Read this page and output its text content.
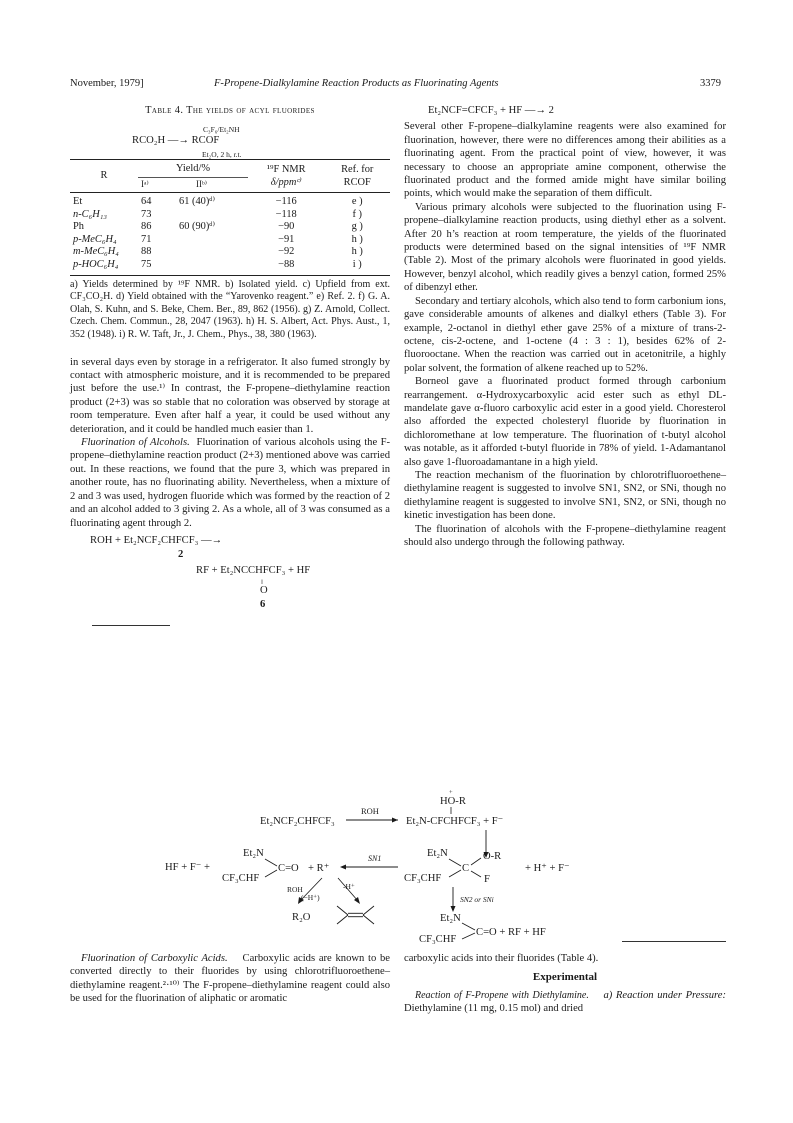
November, 1979]	F-Propene-Dialkylamine Reaction Products as Fluorinating Agents	3379
Table 4. The yields of acyl fluorides
C₃F₆/Et₂NH
RCO₂H —→ RCOF
Et₂O, 2 h, r.t.
R	Yield/%		¹⁹F NMR	Ref. for
	Iᵃ⁾	IIᵇ⁾	δ/ppmᶜ⁾	RCOF
Et	64	61 (40)ᵈ⁾	−116	e )
n-C₆H₁₃	73		−118	f )
Ph	86	60 (90)ᵈ⁾	−90	g )
p-MeC₆H₄	71		−91	h )
m-MeC₆H₄	88		−92	h )
p-HOC₆H₄	75		−88	i )

a) Yields determined by ¹⁹F NMR. b) Isolated yield. c) Upfield from ext. CF₃CO₂H. d) Yield obtained with the “Yarovenko reagent.” e) Ref. 2. f) G. A. Olah, S. Kuhn, and S. Beke, Chem. Ber., 89, 862 (1956). g) Z. Arnold, Collect. Czech. Chem. Commun., 28, 2047 (1963). h) H. S. Albert, Act. Phys. Aust., 1, 352 (1948). i) R. W. Taft, Jr., J. Chem., Phys., 38, 380 (1963).

in several days even by storage in a refrigerator. It also fumed strongly by contact with atmospheric moisture, and it is recommended to be prepared just before the use.¹⁾ In contrast, the F-propene–diethylamine reaction product (2+3) was so stable that no coloration was observed by storage at room temperature. Even after half a year, it could be used without any deterioration, and it could be handled much easier than 1.

Fluorination of Alcohols. Fluorination of various alcohols using the F-propene–diethylamine reaction product (2+3) mentioned above was carried out. In these reactions, we found that the pure 3, which was prepared in another route, has no fluorinating ability. Nevertheless, when a mixture of 2 and 3 was used, hydrogen fluoride which was formed by the reaction of 2 and an alcohol added to 3 giving 2. As a whole, all of 3 was consumed as a fluorinating agent through 2.

ROH + Et₂NCF₂CHFCF₃ —→
2
RF + Et₂NCCHFCF₃ + HF
‖
O
6
Et₂NCF=CFCF₃ + HF —→ 2

Several other F-propene–dialkylamine reagents were also examined for fluorination, however, there were no differences among their abilities as a fluorinating agent. From the practical point of view, however, it was necessary to choose an appropriate amine component, otherwise the fluorinated product and the formed amide might have similar boiling points, which would make the separation of them difficult.

Various primary alcohols were subjected to the fluorination using F-propene–dialkylamine reaction products, using diethyl ether as a solvent. After 20 h’s reaction at room temperature, the yields of the fluorinated products were determined based on the signal intensities of ¹⁹F NMR (Table 2). Most of the primary alcohols were fluorinated in good yields. However, benzyl alcohol, which readily gives a benzyl cation, formed 25% of dibenzyl ether.

Secondary and tertiary alcohols, which also tend to form carbonium ions, gave considerable amounts of alkenes and dialkyl ethers (Table 3). For example, 2-octanol in diethyl ether gave 25% of a mixture of trans-2-octene, cis-2-octene, and 1-octene (4 : 3 : 1), besides 62% of 2-fluorooctane. When the reaction was carried out in acetonitrile, a highly polar solvent, the formation of alkene reached up to 52%.

Borneol gave a fluorinated product formed through carbonium rearrangement. α-Hydroxycarboxylic acid ester such as ethyl DL-mandelate gave α-fluoro carboxylic acid ester in a good yield. Choresterol also afforded the expected cholesteryl fluoride by fluorination in dichloromethane at low temperature. The fluorination of t-butyl alcohol was notable, as it afforded t-butyl fluoride in 78% of yield. 1-Adamantanol also gave 1-fluoroadamantane in a high yield.

The reaction mechanism of the fluorination by chlorotrifluoroethene–diethylamine reagent is suggested to involve SN1, SN2, or SNi, though no diethylamine reagent is suggested to involve SN1, SN2, or SNi, though no kinetic investigation has been done.

The fluorination of alcohols with the F-propene–diethylamine reagent should also undergo through the following pathway.

Et₂NCF₂CHFCF₃
ROH
+
HO-R
Et₂N-CFCHFCF₃ + F⁻
HF + F⁻ +
Et₂N
CF₃CHF
C=O + R⁺
SN1	Et₂N
CF₃CHF
C
O-R
F
+ H⁺ + F⁻
ROH
(−H⁺)
-H⁺
R₂O
SN2 or SNi
Et₂N
CF₃CHF
C=O + RF + HF

Fluorination of Carboxylic Acids. Carboxylic acids are known to be converted directly to their fluorides by using chlorotrifluoroethene–diethylamine reagent.²·¹⁰⁾ The F-propene–diethylamine reagent could also be used for the fluorination of aliphatic or aromatic

carboxylic acids into their fluorides (Table 4).

Experimental

Reaction of F-Propene with Diethylamine. a) Reaction under Pressure: Diethylamine (11 mg, 0.15 mol) and dried
